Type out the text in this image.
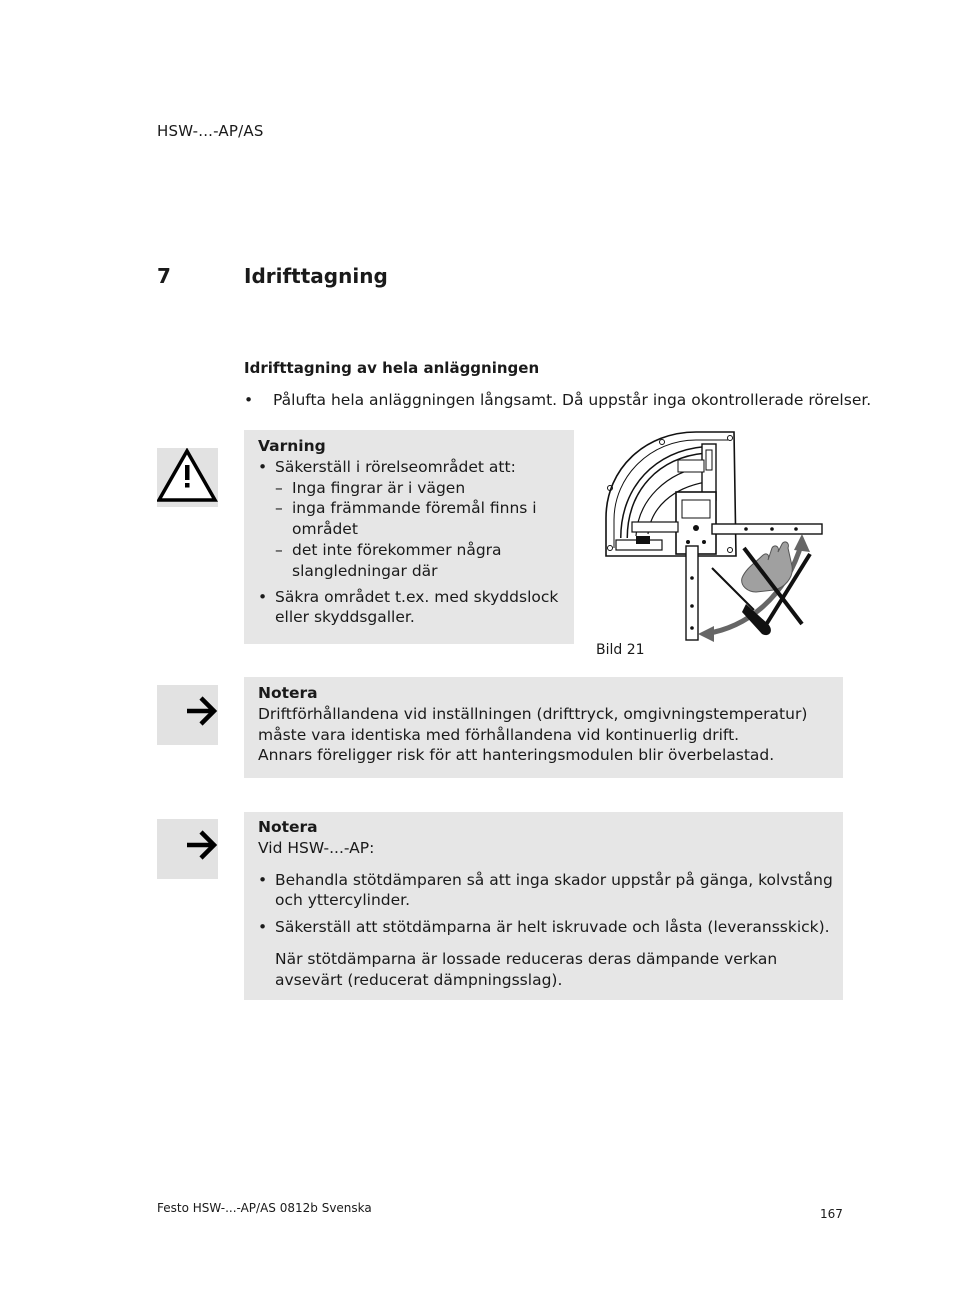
HSW-...-AP/AS
7	Idrifttagning
Idrifttagning av hela anläggningen
• Pålufta hela anläggningen långsamt. Då uppstår inga okontrollerade rörelser.
Varning
• Säkerställ i rörelseområdet att:
– Inga fingrar är i vägen
– inga främmande föremål finns i området
– det inte förekommer några slangledningar där
• Säkra området t.ex. med skyddslock eller skyddsgaller.
Bild 21
Notera
Driftförhållandena vid inställningen (drifttryck, omgivningstemperatur) måste vara identiska med förhållandena vid kontinuerlig drift.
Annars föreligger risk för att hanteringsmodulen blir överbelastad.
Notera
Vid HSW-...-AP:
• Behandla stötdämparen så att inga skador uppstår på gänga, kolvstång och yttercylinder.
• Säkerställ att stötdämparna är helt iskruvade och låsta (leveransskick).
När stötdämparna är lossade reduceras deras dämpande verkan avsevärt (reducerat dämpningsslag).
Festo HSW-...-AP/AS 0812b Svenska	167
